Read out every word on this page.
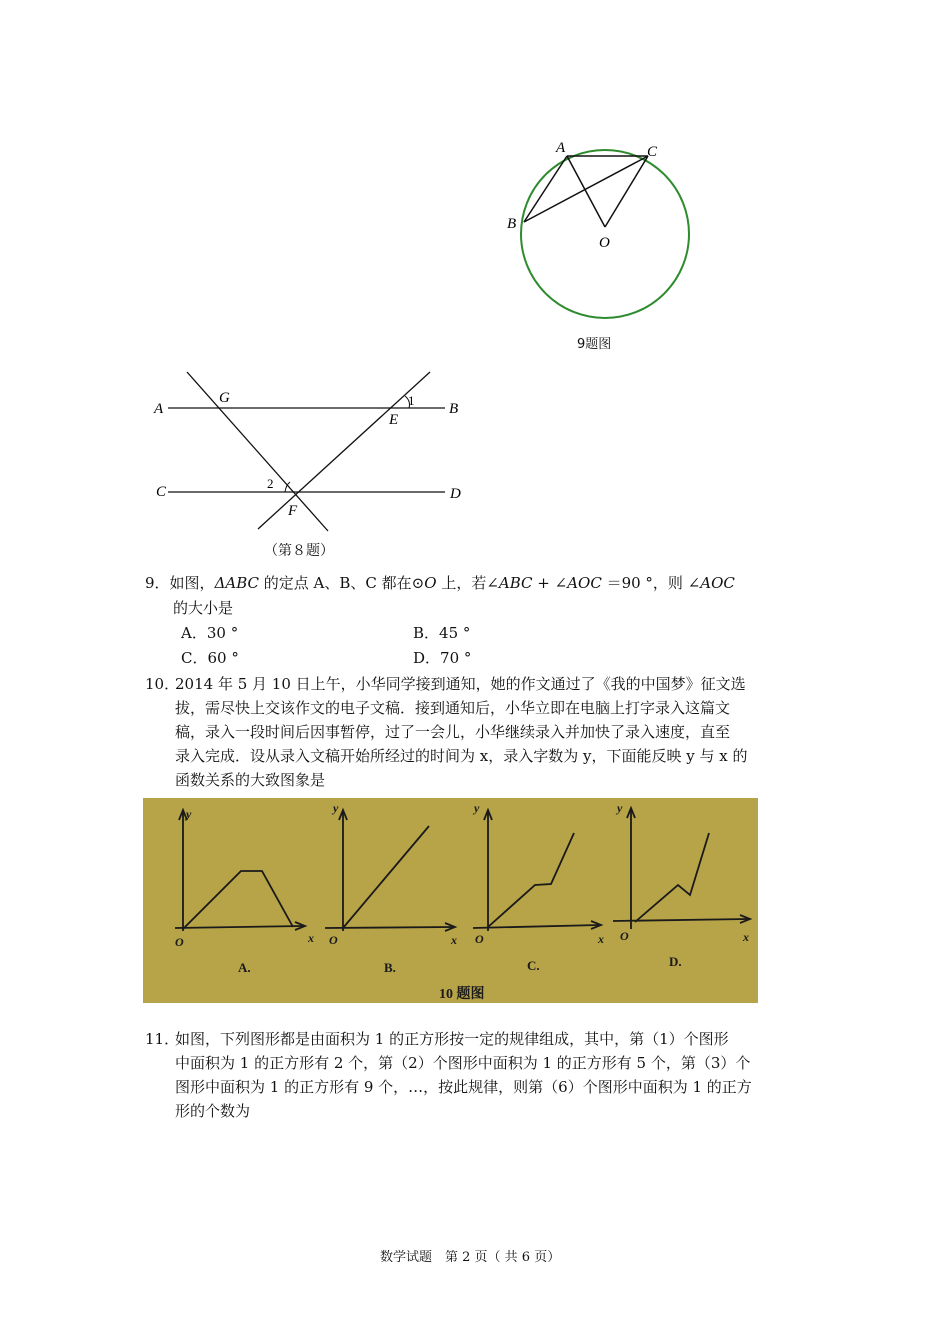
A	C
B
O
9题图
A	B
C	D
G
E
F
1
2
（第８题）
9．如图，ΔABC 的定点 A、B、C 都在⊙O 上，若∠ABC + ∠AOC ＝90 °，则 ∠AOC
的大小是
A．30 °	B．45 °
C．60 °	D．70 °
10．
2014 年 5 月 10 日上午，小华同学接到通知，她的作文通过了《我的中国梦》征文选
拔，需尽快上交该作文的电子文稿．接到通知后，小华立即在电脑上打字录入这篇文
稿，录入一段时间后因事暂停，过了一会儿，小华继续录入并加快了录入速度，直至
录入完成．设从录入文稿开始所经过的时间为 x，录入字数为 y，下面能反映 y 与 x 的
函数关系的大致图象是
y
x
O
y
x
O
y
x
O
y
x
O
A.	B.	C.	D.
10 题图
11．
如图，下列图形都是由面积为 1 的正方形按一定的规律组成，其中，第（1）个图形
中面积为 1 的正方形有 2 个，第（2）个图形中面积为 1 的正方形有 5 个，第（3）个
图形中面积为 1 的正方形有 9 个，…，按此规律，则第（6）个图形中面积为 1 的正方
形的个数为
数学试题　第 2 页（ 共 6 页）
